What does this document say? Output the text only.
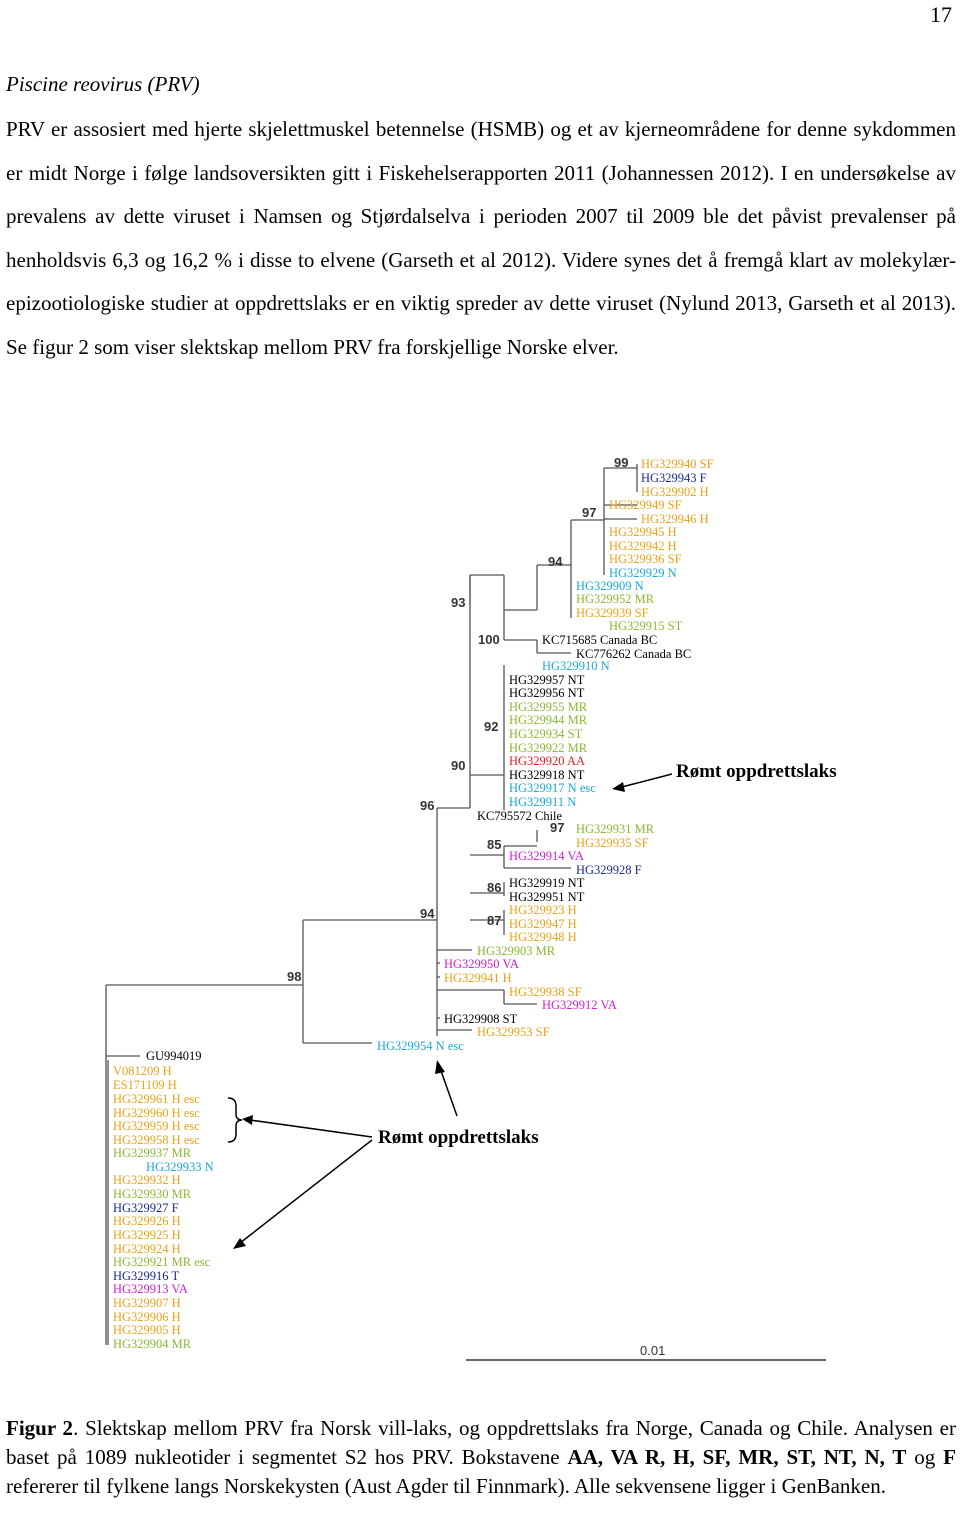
17
Piscine reovirus (PRV)
PRV er assosiert med hjerte skjelettmuskel betennelse (HSMB) og et av kjerneområdene for denne sykdommen er midt Norge i følge landsoversikten gitt i Fiskehelserapporten 2011 (Johannessen 2012). I en undersøkelse av prevalens av dette viruset i Namsen og Stjørdalselva i perioden 2007 til 2009 ble det påvist prevalenser på henholdsvis 6,3 og 16,2 % i disse to elvene (Garseth et al 2012). Videre synes det å fremgå klart av molekylær-epizootiologiske studier at oppdrettslaks er en viktig spreder av dette viruset (Nylund 2013, Garseth et al 2013). Se figur 2 som viser slektskap mellom PRV fra forskjellige Norske elver.
HG329940 SF
HG329943 F
HG329902 H
HG329949 SF
HG329946 H
HG329945 H
HG329942 H
HG329936 SF
HG329929 N
HG329909 N
HG329952 MR
HG329939 SF
HG329915 ST
KC715685 Canada BC
KC776262 Canada BC
HG329910 N
HG329957 NT
HG329956 NT
HG329955 MR
HG329944 MR
HG329934 ST
HG329922 MR
HG329920 AA
HG329918 NT
HG329917 N esc
HG329911 N
KC795572 Chile
HG329931 MR
HG329935 SF
HG329914 VA
HG329928 F
HG329919 NT
HG329951 NT
HG329923 H
HG329947 H
HG329948 H
HG329903 MR
HG329950 VA
HG329941 H
HG329938 SF
HG329912 VA
HG329908 ST
HG329953 SF
HG329954 N esc
GU994019
V081209 H
ES171109 H
HG329961 H esc
HG329960 H esc
HG329959 H esc
HG329958 H esc
HG329937 MR
HG329933 N
HG329932 H
HG329930 MR
HG329927 F
HG329926 H
HG329925 H
HG329924 H
HG329921 MR esc
HG329916 T
HG329913 VA
HG329907 H
HG329906 H
HG329905 H
HG329904 MR
99
97
94
93
100
92
90
96
97
85
86
87
94
98
Rømt oppdrettslaks
Rømt oppdrettslaks
0.01
Figur 2. Slektskap mellom PRV fra Norsk vill-laks, og oppdrettslaks fra Norge, Canada og Chile. Analysen er baset på 1089 nukleotider i segmentet S2 hos PRV. Bokstavene AA, VA R, H, SF, MR, ST, NT, N, T og F refererer til fylkene langs Norskekysten (Aust Agder til Finnmark). Alle sekvensene ligger i GenBanken.
